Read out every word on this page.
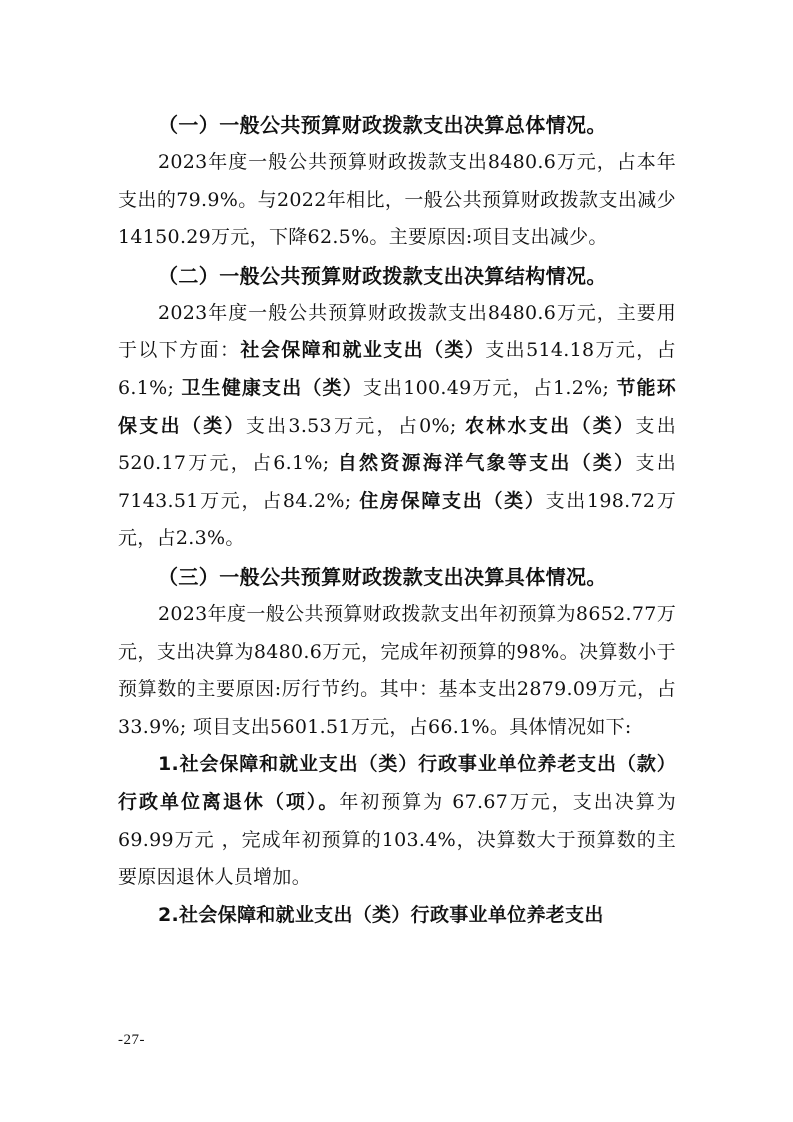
（一）一般公共预算财政拨款支出决算总体情况。

2023年度一般公共预算财政拨款支出8480.6万元，占本年支出的79.9%。与2022年相比，一般公共预算财政拨款支出减少14150.29万元，下降62.5%。主要原因:项目支出减少。

（二）一般公共预算财政拨款支出决算结构情况。

2023年度一般公共预算财政拨款支出8480.6万元，主要用于以下方面：社会保障和就业支出（类）支出514.18万元，占6.1%; 卫生健康支出（类）支出100.49万元，占1.2%; 节能环保支出（类）支出3.53万元，占0%; 农林水支出（类）支出520.17万元，占6.1%; 自然资源海洋气象等支出（类）支出7143.51万元，占84.2%; 住房保障支出（类）支出198.72万元，占2.3%。

（三）一般公共预算财政拨款支出决算具体情况。

2023年度一般公共预算财政拨款支出年初预算为8652.77万元，支出决算为8480.6万元，完成年初预算的98%。决算数小于预算数的主要原因:厉行节约。其中：基本支出2879.09万元，占33.9%; 项目支出5601.51万元，占66.1%。具体情况如下:

1.社会保障和就业支出（类）行政事业单位养老支出（款）行政单位离退休（项）。年初预算为 67.67万元，支出决算为69.99万元 ，完成年初预算的103.4%，决算数大于预算数的主要原因退休人员增加。

2.社会保障和就业支出（类）行政事业单位养老支出

-27-
